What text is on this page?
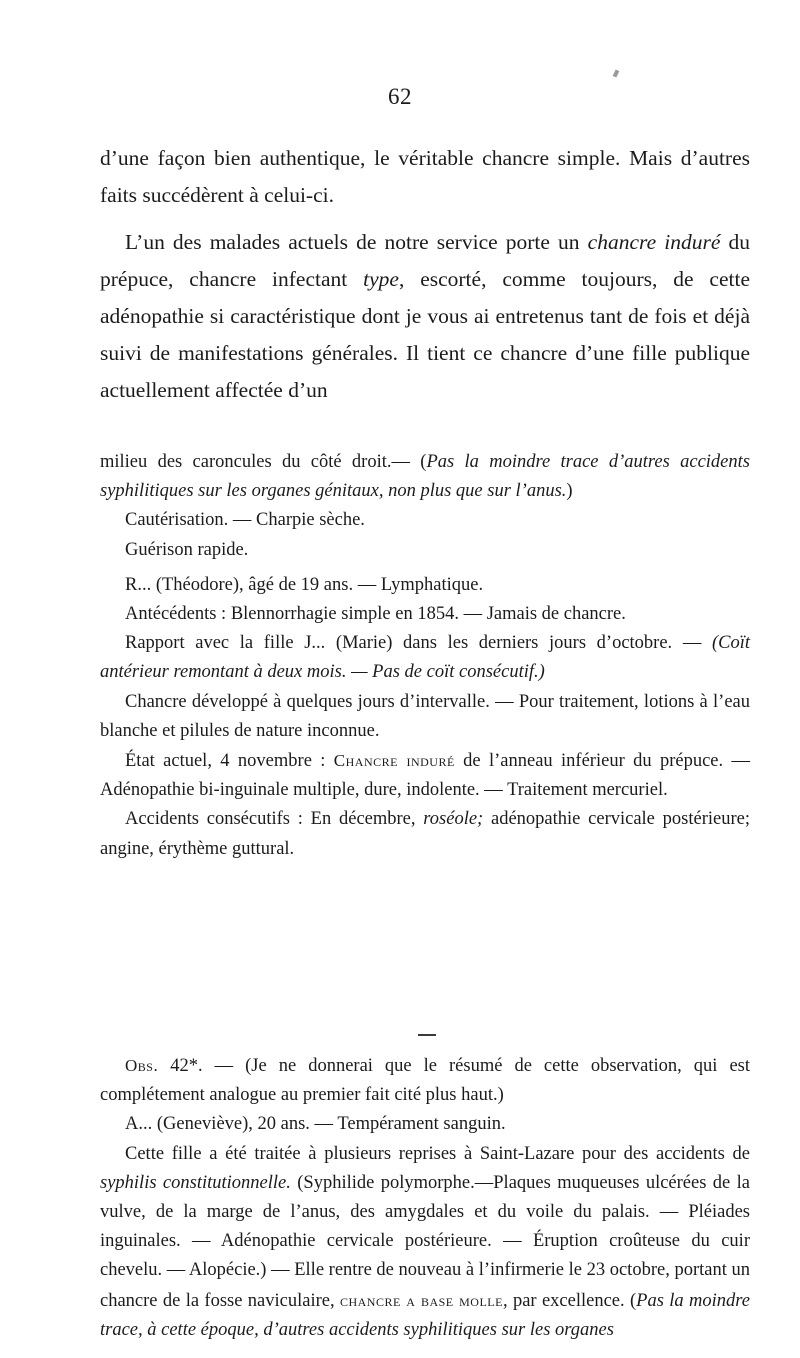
62

d’une façon bien authentique, le véritable chancre simple. Mais d’autres faits succédèrent à celui-ci.

L’un des malades actuels de notre service porte un chancre induré du prépuce, chancre infectant type, escorté, comme toujours, de cette adénopathie si caractéristique dont je vous ai entretenus tant de fois et déjà suivi de manifestations générales. Il tient ce chancre d’une fille publique actuellement affectée d’un

milieu des caroncules du côté droit.— (Pas la moindre trace d’autres accidents syphilitiques sur les organes génitaux, non plus que sur l’anus.)

Cautérisation. — Charpie sèche.

Guérison rapide.

R... (Théodore), âgé de 19 ans. — Lymphatique.

Antécédents : Blennorrhagie simple en 1854. — Jamais de chancre.

Rapport avec la fille J... (Marie) dans les derniers jours d’octobre. — (Coït antérieur remontant à deux mois. — Pas de coït consécutif.)

Chancre développé à quelques jours d’intervalle. — Pour traitement, lotions à l’eau blanche et pilules de nature inconnue.

État actuel, 4 novembre : Chancre induré de l’anneau inférieur du prépuce. — Adénopathie bi-inguinale multiple, dure, indolente. — Traitement mercuriel.

Accidents consécutifs : En décembre, roséole; adénopathie cervicale postérieure; angine, érythème guttural.

Obs. 42*. — (Je ne donnerai que le résumé de cette observation, qui est complétement analogue au premier fait cité plus haut.)

A... (Geneviève), 20 ans. — Tempérament sanguin.

Cette fille a été traitée à plusieurs reprises à Saint-Lazare pour des accidents de syphilis constitutionnelle. (Syphilide polymorphe.—Plaques muqueuses ulcérées de la vulve, de la marge de l’anus, des amygdales et du voile du palais. — Pléiades inguinales. — Adénopathie cervicale postérieure. — Éruption croûteuse du cuir chevelu. — Alopécie.) — Elle rentre de nouveau à l’infirmerie le 23 octobre, portant un chancre de la fosse naviculaire, chancre a base molle, par excellence. (Pas la moindre trace, à cette époque, d’autres accidents syphilitiques sur les organes
